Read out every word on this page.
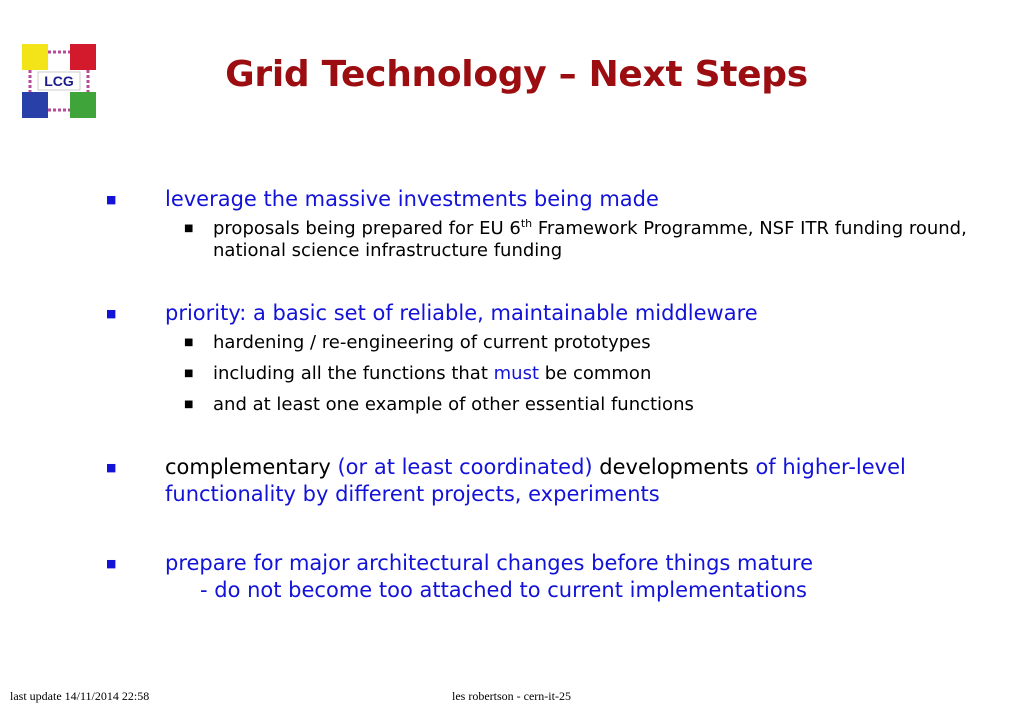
LCG	Grid Technology – Next Steps
■ leverage the massive investments being made
■ proposals being prepared for EU 6th Framework Programme, NSF ITR funding round, national science infrastructure funding
■ priority: a basic set of reliable, maintainable middleware
■ hardening / re-engineering of current prototypes
■ including all the functions that must be common
■ and at least one example of other essential functions
■ complementary (or at least coordinated) developments of higher-level functionality by different projects, experiments
■ prepare for major architectural changes before things mature
- do not become too attached to current implementations
last update 14/11/2014 22:58	les robertson - cern-it-25
